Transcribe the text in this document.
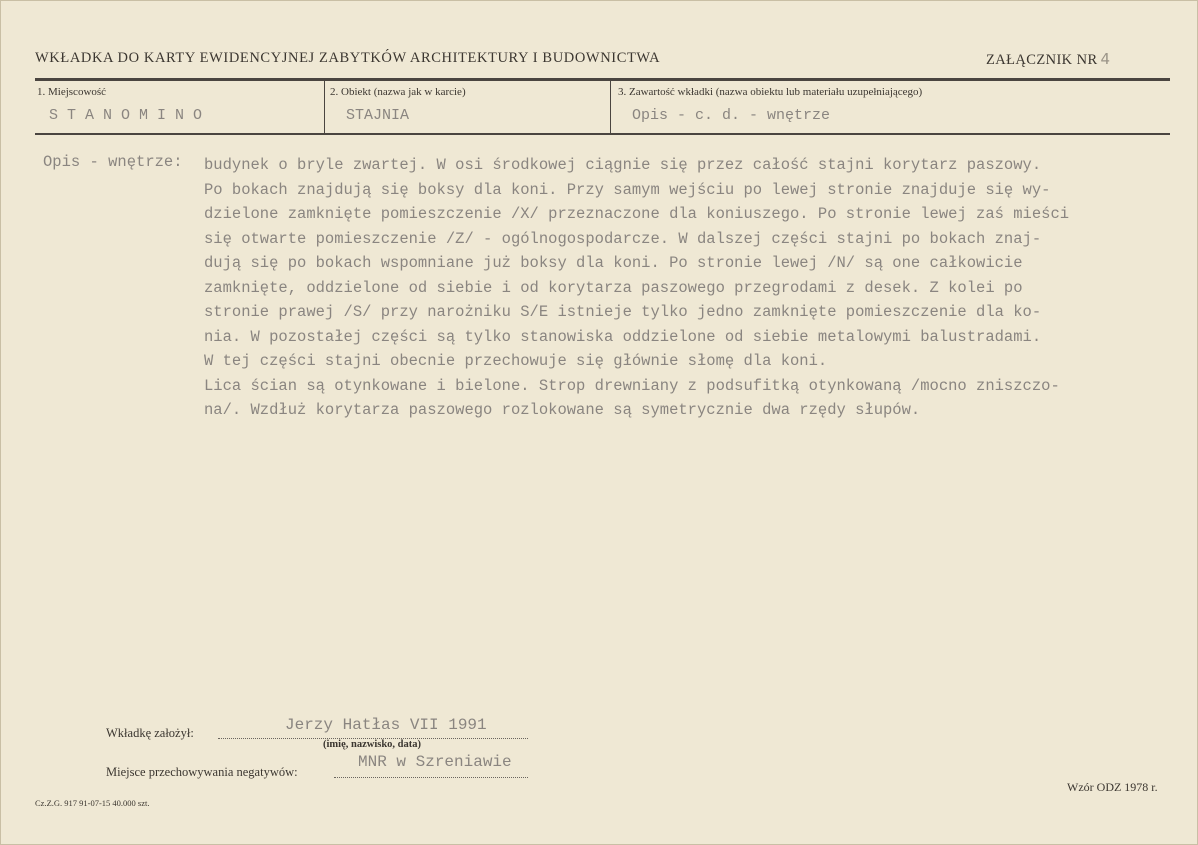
WKŁADKA DO KARTY EWIDENCYJNEJ ZABYTKÓW ARCHITEKTURY I BUDOWNICTWA	ZAŁĄCZNIK NR 4
1. Miejscowość
STANOMINO
2. Obiekt (nazwa jak w karcie)
STAJNIA
3. Zawartość wkładki (nazwa obiektu lub materiału uzupełniającego)
Opis - c. d. - wnętrze
Opis - wnętrze: budynek o bryle zwartej. W osi środkowej ciągnie się przez całość stajni korytarz paszowy.
Po bokach znajdują się boksy dla koni. Przy samym wejściu po lewej stronie znajduje się wy-
dzielone zamknięte pomieszczenie /X/ przeznaczone dla koniuszego. Po stronie lewej zaś mieści
się otwarte pomieszczenie /Z/ - ogólnogospodarcze. W dalszej części stajni po bokach znaj-
dują się po bokach wspomniane już boksy dla koni. Po stronie lewej /N/ są one całkowicie
zamknięte, oddzielone od siebie i od korytarza paszowego przegrodami z desek. Z kolei po
stronie prawej /S/ przy narożniku S/E istnieje tylko jedno zamknięte pomieszczenie dla ko-
nia. W pozostałej części są tylko stanowiska oddzielone od siebie metalowymi balustradami.
W tej części stajni obecnie przechowuje się głównie słomę dla koni.
Lica ścian są otynkowane i bielone. Strop drewniany z podsufitką otynkowaną /mocno zniszczo-
na/. Wzdłuż korytarza paszowego rozlokowane są symetrycznie dwa rzędy słupów.
Wkładkę założył:	Jerzy Hatłas VII 1991
(imię, nazwisko, data)
Miejsce przechowywania negatywów:
MNR w Szreniawie
Cz.Z.G. 917 91-07-15 40.000 szt.
Wzór ODZ 1978 r.
